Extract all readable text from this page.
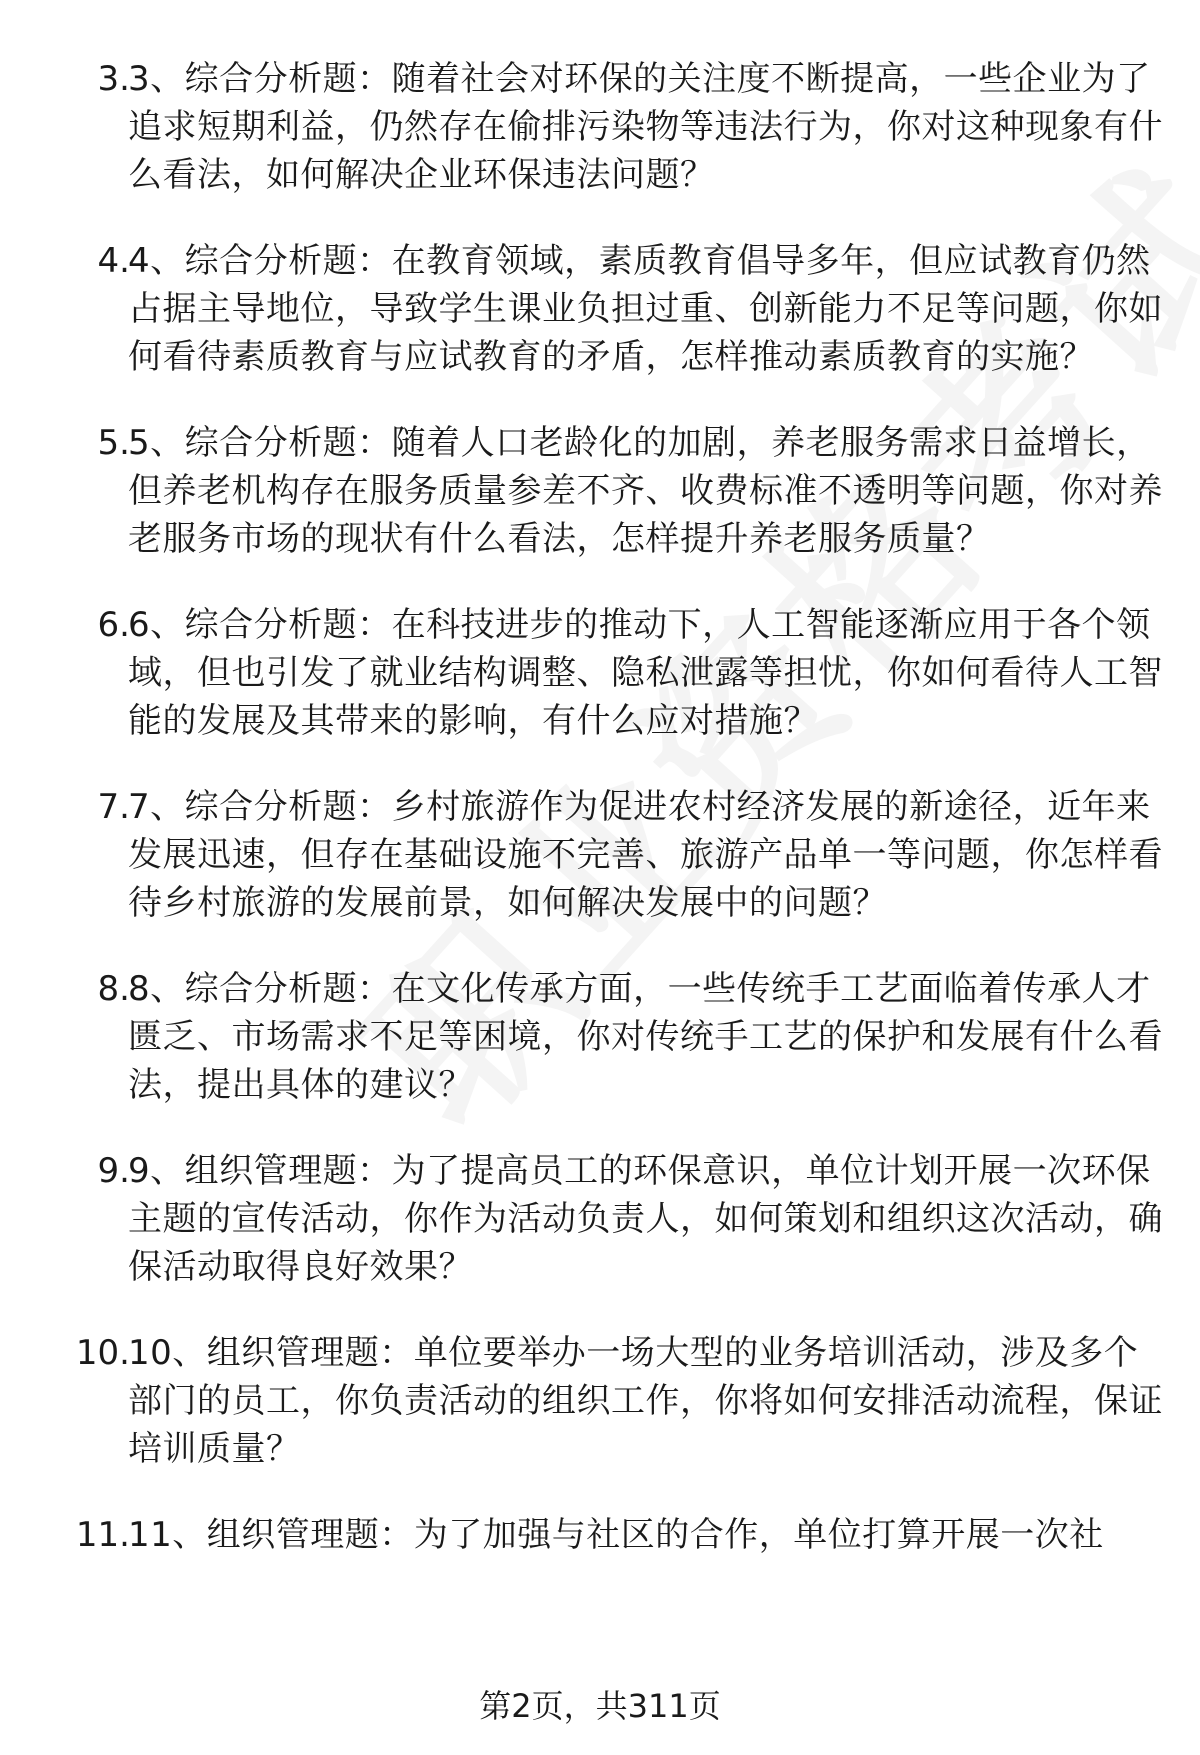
3.
3、综合分析题：随着社会对环保的关注度不断提高，一些企业为了追求短期利益，仍然存在偷排污染物等违法行为，你对这种现象有什么看法，如何解决企业环保违法问题？
4.
4、综合分析题：在教育领域，素质教育倡导多年，但应试教育仍然占据主导地位，导致学生课业负担过重、创新能力不足等问题，你如何看待素质教育与应试教育的矛盾，怎样推动素质教育的实施？
5.
5、综合分析题：随着人口老龄化的加剧，养老服务需求日益增长，但养老机构存在服务质量参差不齐、收费标准不透明等问题，你对养老服务市场的现状有什么看法，怎样提升养老服务质量？
6.
6、综合分析题：在科技进步的推动下，人工智能逐渐应用于各个领域，但也引发了就业结构调整、隐私泄露等担忧，你如何看待人工智能的发展及其带来的影响，有什么应对措施？
7.
7、综合分析题：乡村旅游作为促进农村经济发展的新途径，近年来发展迅速，但存在基础设施不完善、旅游产品单一等问题，你怎样看待乡村旅游的发展前景，如何解决发展中的问题？
8.
8、综合分析题：在文化传承方面，一些传统手工艺面临着传承人才匮乏、市场需求不足等困境，你对传统手工艺的保护和发展有什么看法，提出具体的建议？
9.
9、组织管理题：为了提高员工的环保意识，单位计划开展一次环保主题的宣传活动，你作为活动负责人，如何策划和组织这次活动，确保活动取得良好效果？
10.
10、组织管理题：单位要举办一场大型的业务培训活动，涉及多个部门的员工，你负责活动的组织工作，你将如何安排活动流程，保证培训质量？
11.
11、组织管理题：为了加强与社区的合作，单位打算开展一次社
第2页，共311页
